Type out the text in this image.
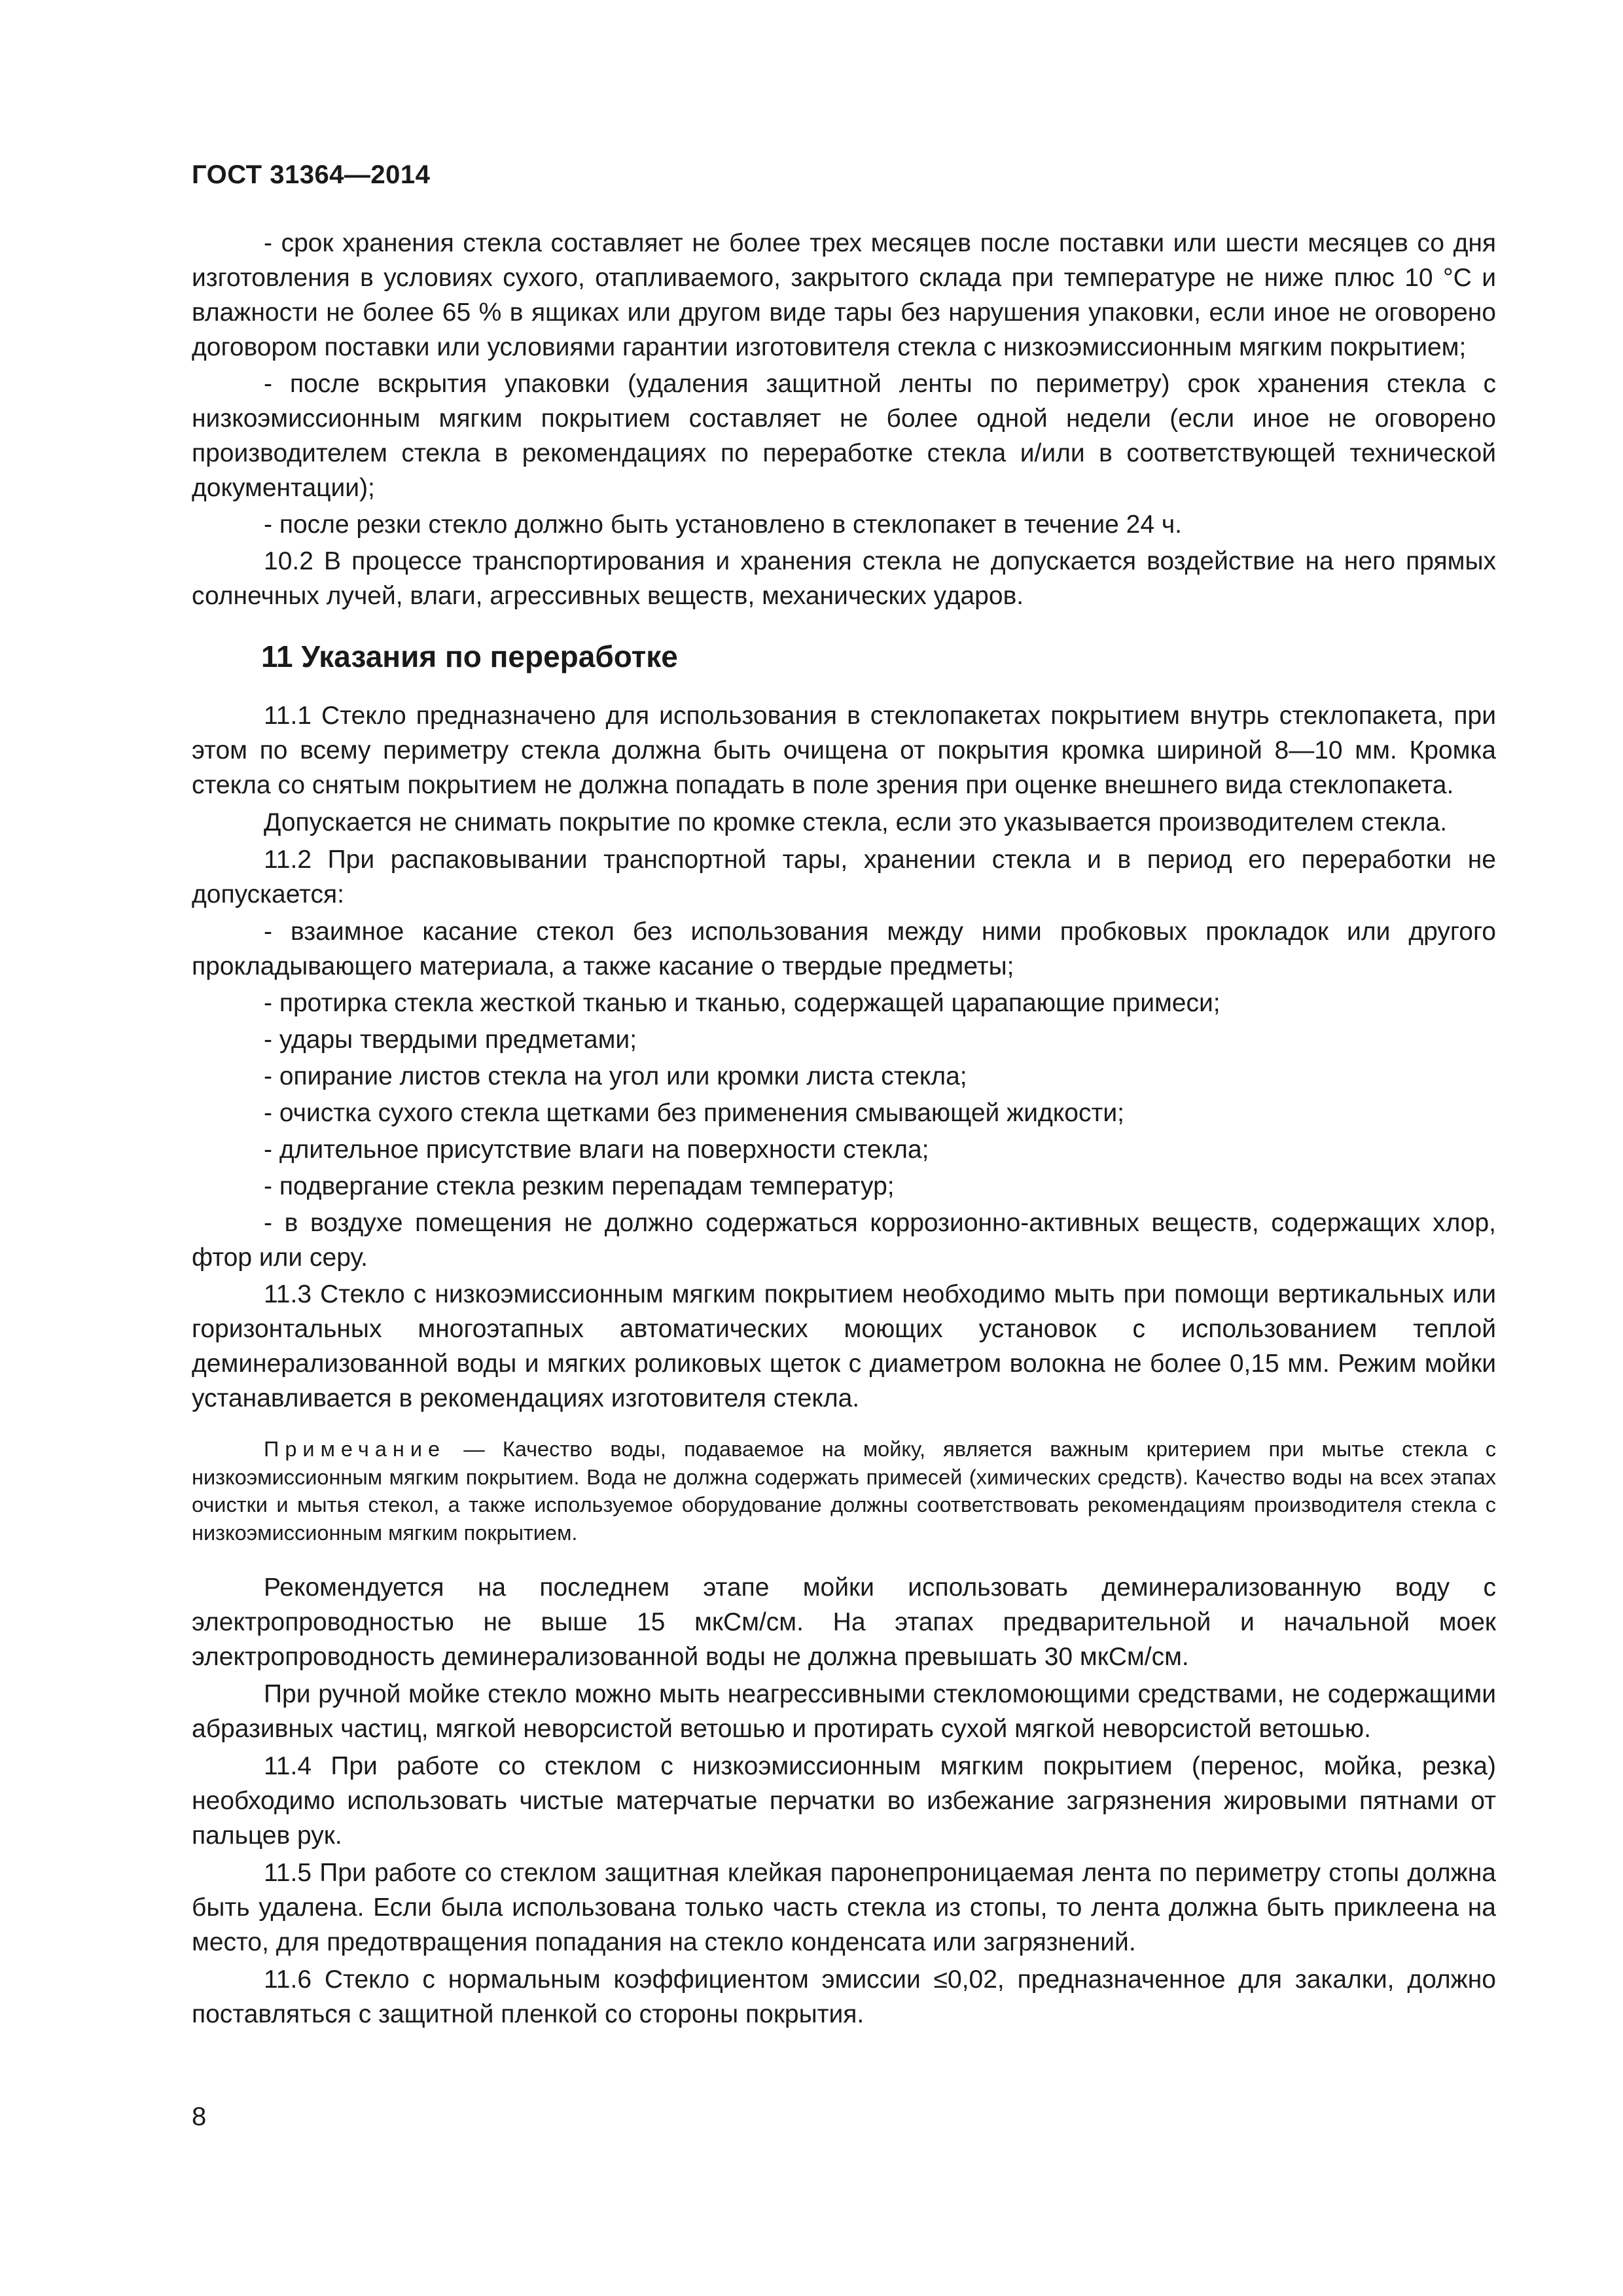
ГОСТ 31364—2014

- срок хранения стекла составляет не более трех месяцев после поставки или шести месяцев со дня изготовления в условиях сухого, отапливаемого, закрытого склада при температуре не ниже плюс 10 °С и влажности не более 65 % в ящиках или другом виде тары без нарушения упаковки, если иное не оговорено договором поставки или условиями гарантии изготовителя стекла с низкоэмиссионным мягким покрытием;

- после вскрытия упаковки (удаления защитной ленты по периметру) срок хранения стекла с низкоэмиссионным мягким покрытием составляет не более одной недели (если иное не оговорено производителем стекла в рекомендациях по переработке стекла и/или в соответствующей технической документации);

- после резки стекло должно быть установлено в стеклопакет в течение 24 ч.

10.2 В процессе транспортирования и хранения стекла не допускается воздействие на него прямых солнечных лучей, влаги, агрессивных веществ, механических ударов.

11 Указания по переработке

11.1 Стекло предназначено для использования в стеклопакетах покрытием внутрь стеклопакета, при этом по всему периметру стекла должна быть очищена от покрытия кромка шириной 8—10 мм. Кромка стекла со снятым покрытием не должна попадать в поле зрения при оценке внешнего вида стеклопакета.

Допускается не снимать покрытие по кромке стекла, если это указывается производителем стекла.

11.2 При распаковывании транспортной тары, хранении стекла и в период его переработки не допускается:

- взаимное касание стекол без использования между ними пробковых прокладок или другого прокладывающего материала, а также касание о твердые предметы;

- протирка стекла жесткой тканью и тканью, содержащей царапающие примеси;

- удары твердыми предметами;

- опирание листов стекла на угол или кромки листа стекла;

- очистка сухого стекла щетками без применения смывающей жидкости;

- длительное присутствие влаги на поверхности стекла;

- подвергание стекла резким перепадам температур;

- в воздухе помещения не должно содержаться коррозионно-активных веществ, содержащих хлор, фтор или серу.

11.3 Стекло с низкоэмиссионным мягким покрытием необходимо мыть при помощи вертикальных или горизонтальных многоэтапных автоматических моющих установок с использованием теплой деминерализованной воды и мягких роликовых щеток с диаметром волокна не более 0,15 мм. Режим мойки устанавливается в рекомендациях изготовителя стекла.

Примечание — Качество воды, подаваемое на мойку, является важным критерием при мытье стекла с низкоэмиссионным мягким покрытием. Вода не должна содержать примесей (химических средств). Качество воды на всех этапах очистки и мытья стекол, а также используемое оборудование должны соответствовать рекомендациям производителя стекла с низкоэмиссионным мягким покрытием.

Рекомендуется на последнем этапе мойки использовать деминерализованную воду с электропроводностью не выше 15 мкСм/см. На этапах предварительной и начальной моек электропроводность деминерализованной воды не должна превышать 30 мкСм/см.

При ручной мойке стекло можно мыть неагрессивными стекломоющими средствами, не содержащими абразивных частиц, мягкой неворсистой ветошью и протирать сухой мягкой неворсистой ветошью.

11.4 При работе со стеклом с низкоэмиссионным мягким покрытием (перенос, мойка, резка) необходимо использовать чистые матерчатые перчатки во избежание загрязнения жировыми пятнами от пальцев рук.

11.5 При работе со стеклом защитная клейкая паронепроницаемая лента по периметру стопы должна быть удалена. Если была использована только часть стекла из стопы, то лента должна быть приклеена на место, для предотвращения попадания на стекло конденсата или загрязнений.

11.6 Стекло с нормальным коэффициентом эмиссии ≤0,02, предназначенное для закалки, должно поставляться с защитной пленкой со стороны покрытия.

8
